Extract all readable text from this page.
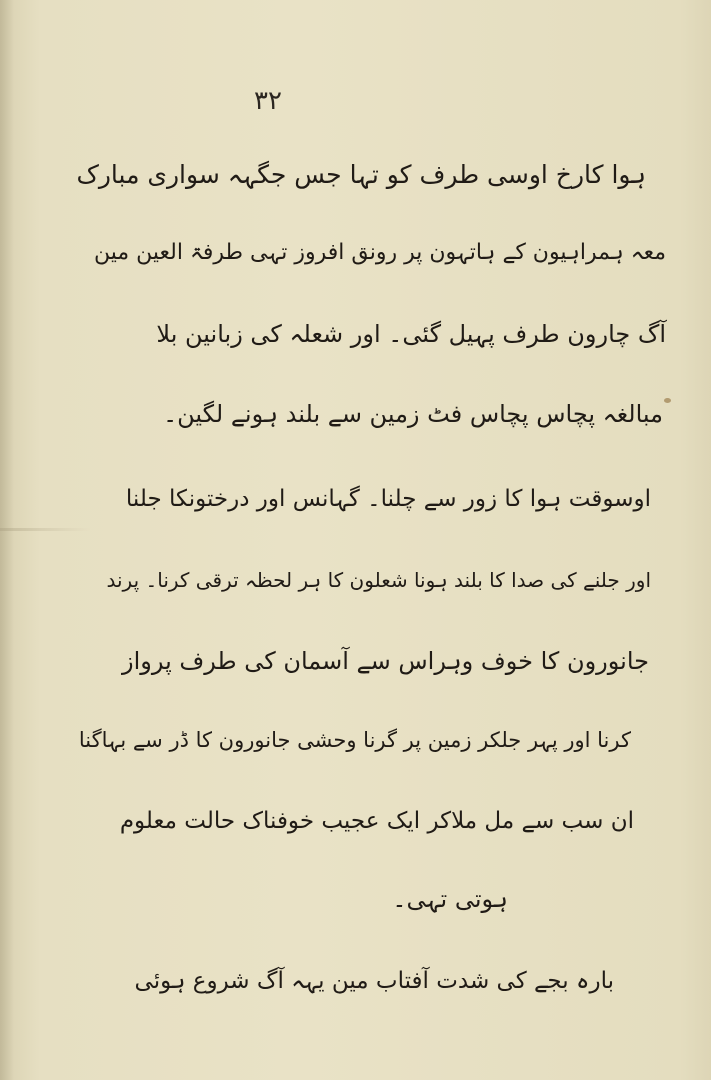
۳۲
ہوا کارخ اوسی طرف کو تہا جس جگہہ سواری مبارک
معہ ہمراہیون کے ہاتہون پر رونق افروز تہی طرفۃ العین مین
آگ چارون طرف پہیل گئی۔ اور شعلہ کی زبانین بلا
مبالغہ پچاس پچاس فٹ زمین سے بلند ہونے لگین۔
اوسوقت ہوا کا زور سے چلنا۔ گہانس اور درختونکا جلنا
اور جلنے کی صدا کا بلند ہونا شعلون کا ہر لحظہ ترقی کرنا۔ پرند
جانورون کا خوف وہراس سے آسمان کی طرف پرواز
کرنا اور پہر جلکر زمین پر گرنا وحشی جانورون کا ڈر سے بہاگنا
ان سب سے مل ملاکر ایک عجیب خوفناک حالت معلوم
ہوتی تہی۔
بارہ بجے کی شدت آفتاب مین یہہ آگ شروع ہوئی
